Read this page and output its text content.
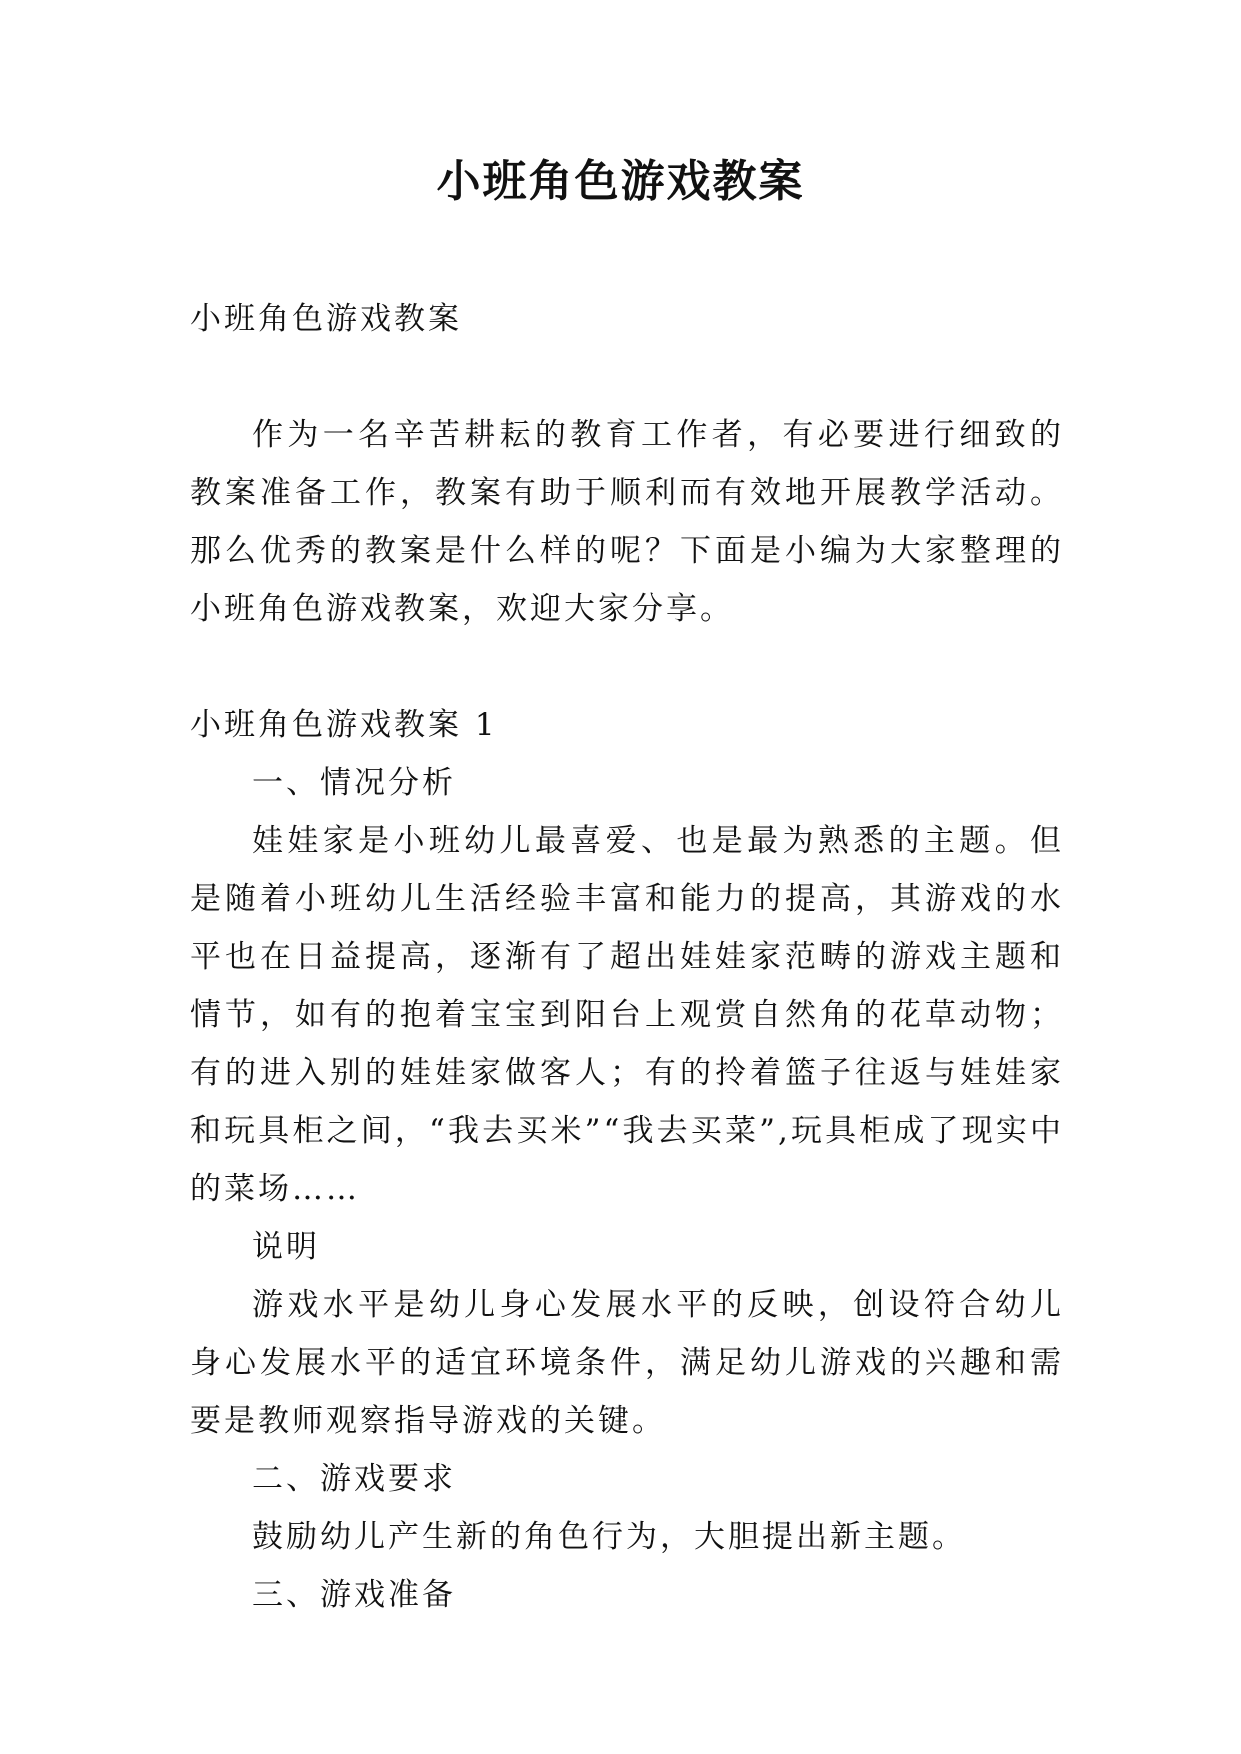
小班角色游戏教案

小班角色游戏教案

作为一名辛苦耕耘的教育工作者，有必要进行细致的教案准备工作，教案有助于顺利而有效地开展教学活动。那么优秀的教案是什么样的呢？下面是小编为大家整理的小班角色游戏教案，欢迎大家分享。

小班角色游戏教案 1

一、情况分析

娃娃家是小班幼儿最喜爱、也是最为熟悉的主题。但是随着小班幼儿生活经验丰富和能力的提高，其游戏的水平也在日益提高，逐渐有了超出娃娃家范畴的游戏主题和情节，如有的抱着宝宝到阳台上观赏自然角的花草动物；有的进入别的娃娃家做客人；有的拎着篮子往返与娃娃家和玩具柜之间，“我去买米”“我去买菜”,玩具柜成了现实中的菜场……

说明

游戏水平是幼儿身心发展水平的反映，创设符合幼儿身心发展水平的适宜环境条件，满足幼儿游戏的兴趣和需要是教师观察指导游戏的关键。

二、游戏要求

鼓励幼儿产生新的角色行为，大胆提出新主题。

三、游戏准备
